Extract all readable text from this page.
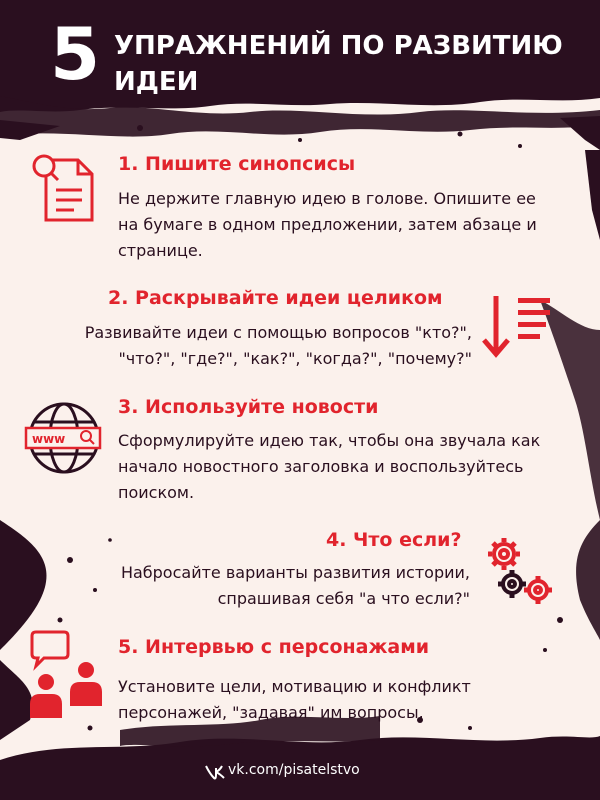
5 УПРАЖНЕНИЙ ПО РАЗВИТИЮ ИДЕИ
1. Пишите синопсисы
Не держите главную идею в голове. Опишите ее на бумаге в одном предложении, затем абзаце и странице.
2. Раскрывайте идеи целиком
Развивайте идеи с помощью вопросов "кто?", "что?", "где?", "как?", "когда?", "почему?"
www
3. Используйте новости
Сформулируйте идею так, чтобы она звучала как начало новостного заголовка и воспользуйтесь поиском.
4. Что если?
Набросайте варианты развития истории, спрашивая себя "а что если?"
5. Интервью с персонажами
Установите цели, мотивацию и конфликт персонажей, "задавая" им вопросы.
vk.com/pisatelstvo
